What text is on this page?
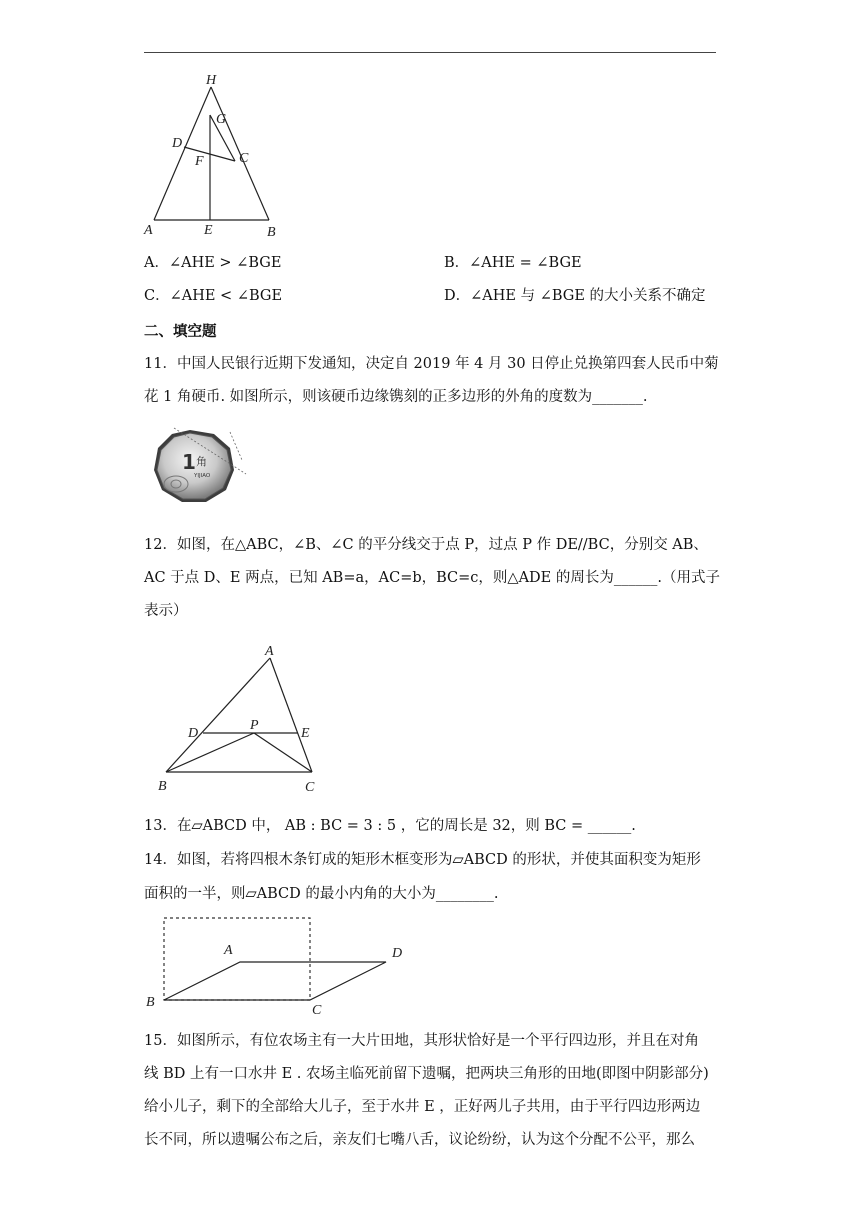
H
G
D
F	C
A	E	B
A．∠AHE > ∠BGE	B．∠AHE = ∠BGE
C．∠AHE < ∠BGE	D．∠AHE 与 ∠BGE 的大小关系不确定
二、填空题
11．中国人民银行近期下发通知，决定自 2019 年 4 月 30 日停止兑换第四套人民币中菊
花 1 角硬币. 如图所示，则该硬币边缘镌刻的正多边形的外角的度数为_______.
1 角
YIJIAO
12．如图，在△ABC，∠B、∠C 的平分线交于点 P，过点 P 作 DE//BC，分别交 AB、
AC 于点 D、E 两点，已知 AB=a，AC=b，BC=c，则△ADE 的周长为______.（用式子
表示）
A
D
P
E
B	C
13．在▱ABCD 中， AB : BC = 3 : 5 ，它的周长是 32，则 BC = ______.
14．如图，若将四根木条钉成的矩形木框变形为▱ABCD 的形状，并使其面积变为矩形
面积的一半，则▱ABCD 的最小内角的大小为________.
A	D
B
C
15．如图所示，有位农场主有一大片田地，其形状恰好是一个平行四边形，并且在对角
线 BD 上有一口水井 E . 农场主临死前留下遗嘱，把两块三角形的田地(即图中阴影部分)
给小儿子，剩下的全部给大儿子，至于水井 E ，正好两儿子共用，由于平行四边形两边
长不同，所以遗嘱公布之后，亲友们七嘴八舌，议论纷纷，认为这个分配不公平，那么
